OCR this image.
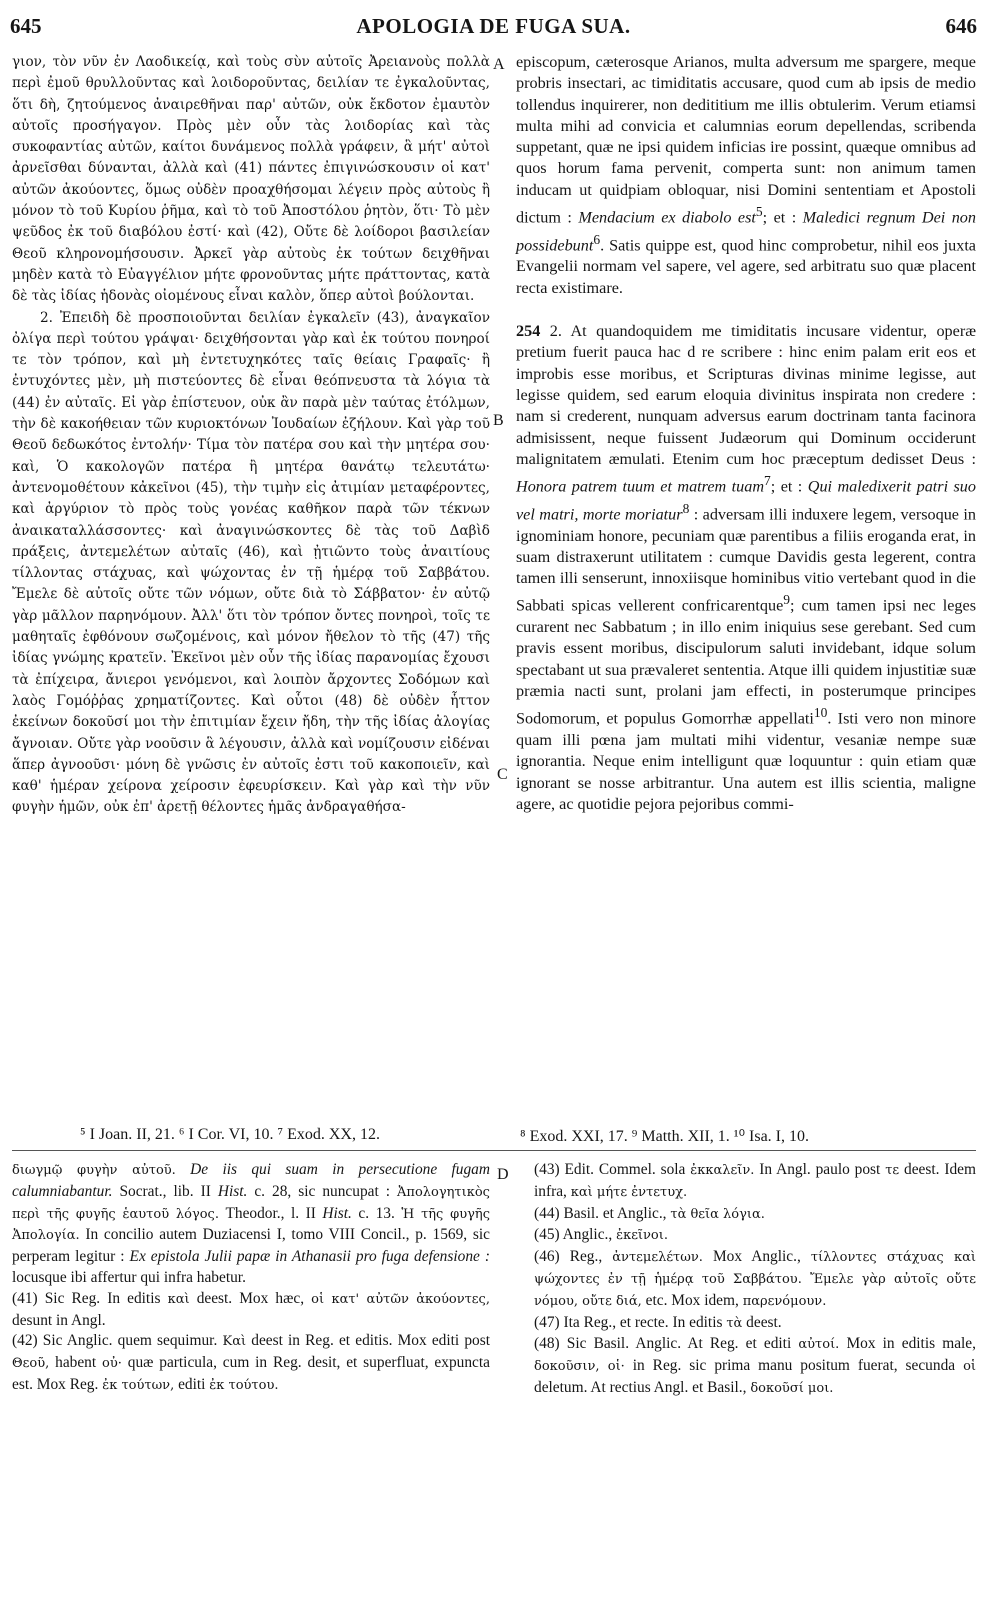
645	APOLOGIA DE FUGA SUA.	646

γιον, τὸν νῦν ἐν Λαοδικείᾳ, καὶ τοὺς σὺν αὐτοῖς Ἀρειανοὺς πολλὰ περὶ ἐμοῦ θρυλλοῦντας καὶ λοιδοροῦντας, δειλίαν τε ἐγκαλοῦντας, ὅτι δὴ, ζητούμενος ἀναιρεθῆναι παρ' αὐτῶν, οὐκ ἔκδοτον ἐμαυτὸν αὐτοῖς προσήγαγον. Πρὸς μὲν οὖν τὰς λοιδορίας καὶ τὰς συκοφαντίας αὐτῶν, καίτοι δυνάμενος πολλὰ γράφειν, ἃ μήτ' αὐτοὶ ἀρνεῖσθαι δύνανται, ἀλλὰ καὶ (41) πάντες ἐπιγινώσκουσιν οἱ κατ' αὐτῶν ἀκούοντες, ὅμως οὐδὲν προαχθήσομαι λέγειν πρὸς αὐτοὺς ἢ μόνον τὸ τοῦ Κυρίου ῥῆμα, καὶ τὸ τοῦ Ἀποστόλου ῥητὸν, ὅτι· Τὸ μὲν ψεῦδος ἐκ τοῦ διαβόλου ἐστί· καὶ (42), Οὔτε δὲ λοίδοροι βασιλείαν Θεοῦ κληρονομήσουσιν. Ἀρκεῖ γὰρ αὐτοὺς ἐκ τούτων δειχθῆναι μηδὲν κατὰ τὸ Εὐαγγέλιον μήτε φρονοῦντας μήτε πράττοντας, κατὰ δὲ τὰς ἰδίας ἡδονὰς οἰομένους εἶναι καλὸν, ὅπερ αὐτοὶ βούλονται.

2. Ἐπειδὴ δὲ προσποιοῦνται δειλίαν ἐγκαλεῖν (43), ἀναγκαῖον ὀλίγα περὶ τούτου γράψαι· δειχθήσονται γὰρ καὶ ἐκ τούτου πονηροί τε τὸν τρόπον, καὶ μὴ ἐντετυχηκότες ταῖς θείαις Γραφαῖς· ἢ ἐντυχόντες μὲν, μὴ πιστεύοντες δὲ εἶναι θεόπνευστα τὰ λόγια τὰ (44) ἐν αὐταῖς. Εἰ γὰρ ἐπίστευον, οὐκ ἂν παρὰ μὲν ταύτας ἐτόλμων, τὴν δὲ κακοήθειαν τῶν κυριοκτόνων Ἰουδαίων ἐζήλουν. Καὶ γὰρ τοῦ Θεοῦ δεδωκότος ἐντολήν· Τίμα τὸν πατέρα σου καὶ τὴν μητέρα σου· καὶ, Ὁ κακολογῶν πατέρα ἢ μητέρα θανάτῳ τελευτάτω· ἀντενομοθέτουν κἀκεῖνοι (45), τὴν τιμὴν εἰς ἀτιμίαν μεταφέροντες, καὶ ἀργύριον τὸ πρὸς τοὺς γονέας καθῆκον παρὰ τῶν τέκνων ἀναικαταλλάσσοντες· καὶ ἀναγινώσκοντες δὲ τὰς τοῦ Δαβὶδ πράξεις, ἀντεμελέτων αὐταῖς (46), καὶ ᾐτιῶντο τοὺς ἀναιτίους τίλλοντας στάχυας, καὶ ψώχοντας ἐν τῇ ἡμέρᾳ τοῦ Σαββάτου. Ἔμελε δὲ αὐτοῖς οὔτε τῶν νόμων, οὔτε διὰ τὸ Σάββατον· ἐν αὐτῷ γὰρ μᾶλλον παρηνόμουν. Ἀλλ' ὅτι τὸν τρόπον ὄντες πονηροὶ, τοῖς τε μαθηταῖς ἐφθόνουν σωζομένοις, καὶ μόνον ἤθελον τὸ τῆς (47) τῆς ἰδίας γνώμης κρατεῖν. Ἐκεῖνοι μὲν οὖν τῆς ἰδίας παρανομίας ἔχουσι τὰ ἐπίχειρα, ἄνιεροι γενόμενοι, καὶ λοιπὸν ἄρχοντες Σοδόμων καὶ λαὸς Γομόῤῥας χρηματίζοντες. Καὶ οὗτοι (48) δὲ οὐδὲν ἧττον ἐκείνων δοκοῦσί μοι τὴν ἐπιτιμίαν ἔχειν ἤδη, τὴν τῆς ἰδίας ἀλογίας ἄγνοιαν. Οὔτε γὰρ νοοῦσιν ἃ λέγουσιν, ἀλλὰ καὶ νομίζουσιν εἰδέναι ἅπερ ἀγνοοῦσι· μόνη δὲ γνῶσις ἐν αὐτοῖς ἐστι τοῦ κακοποιεῖν, καὶ καθ' ἡμέραν χείρονα χείροσιν ἐφευρίσκειν. Καὶ γὰρ καὶ τὴν νῦν φυγὴν ἡμῶν, οὐκ ἐπ' ἀρετῇ θέλοντες ἡμᾶς ἀνδραγαθήσα-

A
B
C
D

episcopum, cæterosque Arianos, multa adversum me spargere, meque probris insectari, ac timiditatis accusare, quod cum ab ipsis de medio tollendus inquirerer, non dedititium me illis obtulerim. Verum etiamsi multa mihi ad convicia et calumnias eorum depellendas, scribenda suppetant, quæ ne ipsi quidem inficias ire possint, quæque omnibus ad quos horum fama pervenit, comperta sunt: non animum tamen inducam ut quidpiam obloquar, nisi Domini sententiam et Apostoli dictum : Mendacium ex diabolo est$^5$; et : Maledici regnum Dei non possidebunt$^6$. Satis quippe est, quod hinc comprobetur, nihil eos juxta Evangelii normam vel sapere, vel agere, sed arbitratu suo quæ placent recta existimare.

254 2. At quandoquidem me timiditatis incusare videntur, operæ pretium fuerit pauca hac d re scribere : hinc enim palam erit eos et improbis esse moribus, et Scripturas divinas minime legisse, aut legisse quidem, sed earum eloquia divinitus inspirata non credere : nam si crederent, nunquam adversus earum doctrinam tanta facinora admisissent, neque fuissent Judæorum qui Dominum occiderunt malignitatem æmulati. Etenim cum hoc præceptum dedisset Deus : Honora patrem tuum et matrem tuam$^7$; et : Qui maledixerit patri suo vel matri, morte moriatur$^8$ : adversam illi induxere legem, versoque in ignominiam honore, pecuniam quæ parentibus a filiis eroganda erat, in suam distraxerunt utilitatem : cumque Davidis gesta legerent, contra tamen illi senserunt, innoxiisque hominibus vitio vertebant quod in die Sabbati spicas vellerent confricarentque$^9$; cum tamen ipsi nec leges curarent nec Sabbatum ; in illo enim iniquius sese gerebant. Sed cum pravis essent moribus, discipulorum saluti invidebant, idque solum spectabant ut sua prævaleret sententia. Atque illi quidem injustitiæ suæ præmia nacti sunt, prolani jam effecti, in posterumque principes Sodomorum, et populus Gomorrhæ appellati$^{10}$. Isti vero non minore quam illi pœna jam multati mihi videntur, vesaniæ nempe suæ ignorantia. Neque enim intelligunt quæ loquuntur : quin etiam quæ ignorant se nosse arbitrantur. Una autem est illis scientia, maligne agere, ac quotidie pejora pejoribus commi-

⁵ I Joan. II, 21. ⁶ I Cor. VI, 10. ⁷ Exod. XX, 12.	⁸ Exod. XXI, 17. ⁹ Matth. XII, 1. ¹⁰ Isa. I, 10.

διωγμῷ φυγὴν αὐτοῦ. De iis qui suam in persecutione fugam calumniabantur. Socrat., lib. II Hist. c. 28, sic nuncupat : Ἀπολογητικὸς περὶ τῆς φυγῆς ἑαυτοῦ λόγος. Theodor., l. II Hist. c. 13. Ἡ τῆς φυγῆς Ἀπολογία. In concilio autem Duziacensi I, tomo VIII Concil., p. 1569, sic perperam legitur : Ex epistola Julii papæ in Athanasii pro fuga defensione : locusque ibi affertur qui infra habetur.

(41) Sic Reg. In editis καὶ deest. Mox hæc, οἱ κατ' αὐτῶν ἀκούοντες, desunt in Angl.

(42) Sic Anglic. quem sequimur. Καὶ deest in Reg. et editis. Mox editi post Θεοῦ, habent οὐ· quæ particula, cum in Reg. desit, et superfluat, expuncta est. Mox Reg. ἐκ τούτων, editi ἐκ τούτου.

(43) Edit. Commel. sola ἐκκαλεῖν. In Angl. paulo post τε deest. Idem infra, καὶ μήτε ἐντετυχ.

(44) Basil. et Anglic., τὰ θεῖα λόγια.

(45) Anglic., ἐκεῖνοι.

(46) Reg., ἀντεμελέτων. Mox Anglic., τίλλοντες στάχυας καὶ ψώχοντες ἐν τῇ ἡμέρᾳ τοῦ Σαββάτου. Ἔμελε γὰρ αὐτοῖς οὔτε νόμου, οὔτε διά, etc. Mox idem, παρενόμουν.

(47) Ita Reg., et recte. In editis τὰ deest.

(48) Sic Basil. Anglic. At Reg. et editi αὐτοί. Mox in editis male, δοκοῦσιν, οἱ· in Reg. sic prima manu positum fuerat, secunda οἱ deletum. At rectius Angl. et Basil., δοκοῦσί μοι.
